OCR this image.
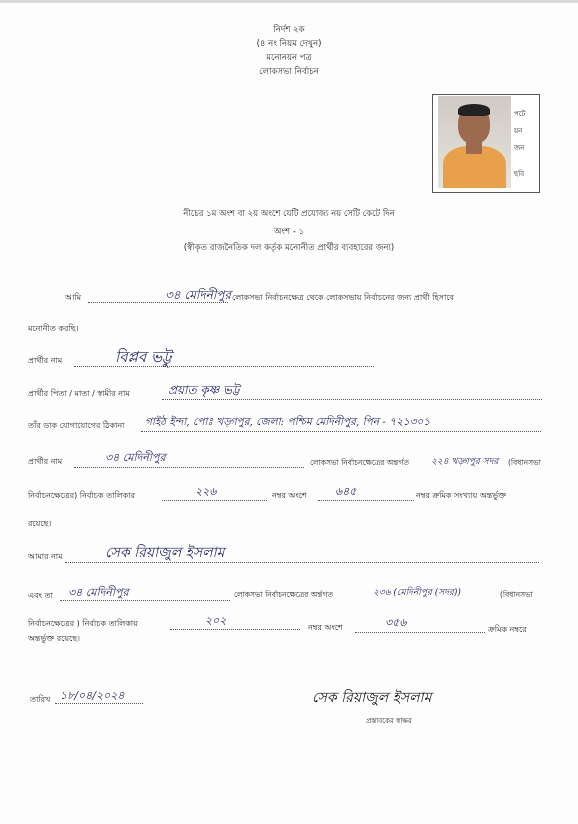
নির্দশ ২ক
(৪ নং নিয়ম দেখুন)
মনোনয়ন পত্র
লোকসভা নির্বাচন
পটে
য়ন
জন
ছবি
নীচের ১ম অংশ বা ২য় অংশে যেটি প্রযোজ্য নয় সেটি কেটে দিন
অংশ - ১
(স্বীকৃত রাজনৈতিক দল কর্তৃক মনোনীত প্রার্থীর ব্যবহারের জন্য)
আমি	৩৪ মেদিনীপুর লোকসভা নির্বাচনক্ষেত্র থেকে লোকসভায় নির্বাচনের জন্য প্রার্থী হিসাবে
মনোনীত করছি।
প্রার্থীর নাম	বিপ্লব ভট্টু
প্রার্থীর পিতা / মাতা / স্বামীর নাম	প্রয়াত কৃষ্ণ ভট্ট
তাঁর ডাক যোগাযোগের ঠিকানা গাইঠ ইন্দা, পোঃ খড়্গপুর, জেলা: পশ্চিম মেদিনীপুর, পিন - ৭২১৩০১
প্রার্থীর নাম	৩৪ মেদিনীপুর	লোকসভা নির্বাচনক্ষেত্রের অন্তর্গত ২২৪ খড়্গপুর সদর (বিধানসভা
নির্বাচনক্ষেত্রের) নির্বাচক তালিকার	২২৬	নম্বর অংশে	৬৪৫	নম্বর ক্রমিক সংখ্যায় অন্তর্ভুক্ত
রয়েছে।
আমার নাম	সেক রিয়াজুল ইসলাম
এবং তা ৩৪ মেদিনীপুর	লোকসভা নির্বাচনক্ষেত্রের অর্ন্তগত	২৩৬ (মেদিনীপুর (সদর))	(বিধানসভা
নির্বাচনক্ষেত্রের ) নির্বাচক তালিকায়	২০২
নম্বর অংশে	৩৫৬
ক্রমিক নম্বরে
অন্তর্ভুক্ত রয়েছে।
তারিখ ১৮/০৪/২০২৪	সেক রিয়াজুল ইসলাম
প্রস্তাবকের স্বাক্ষর
